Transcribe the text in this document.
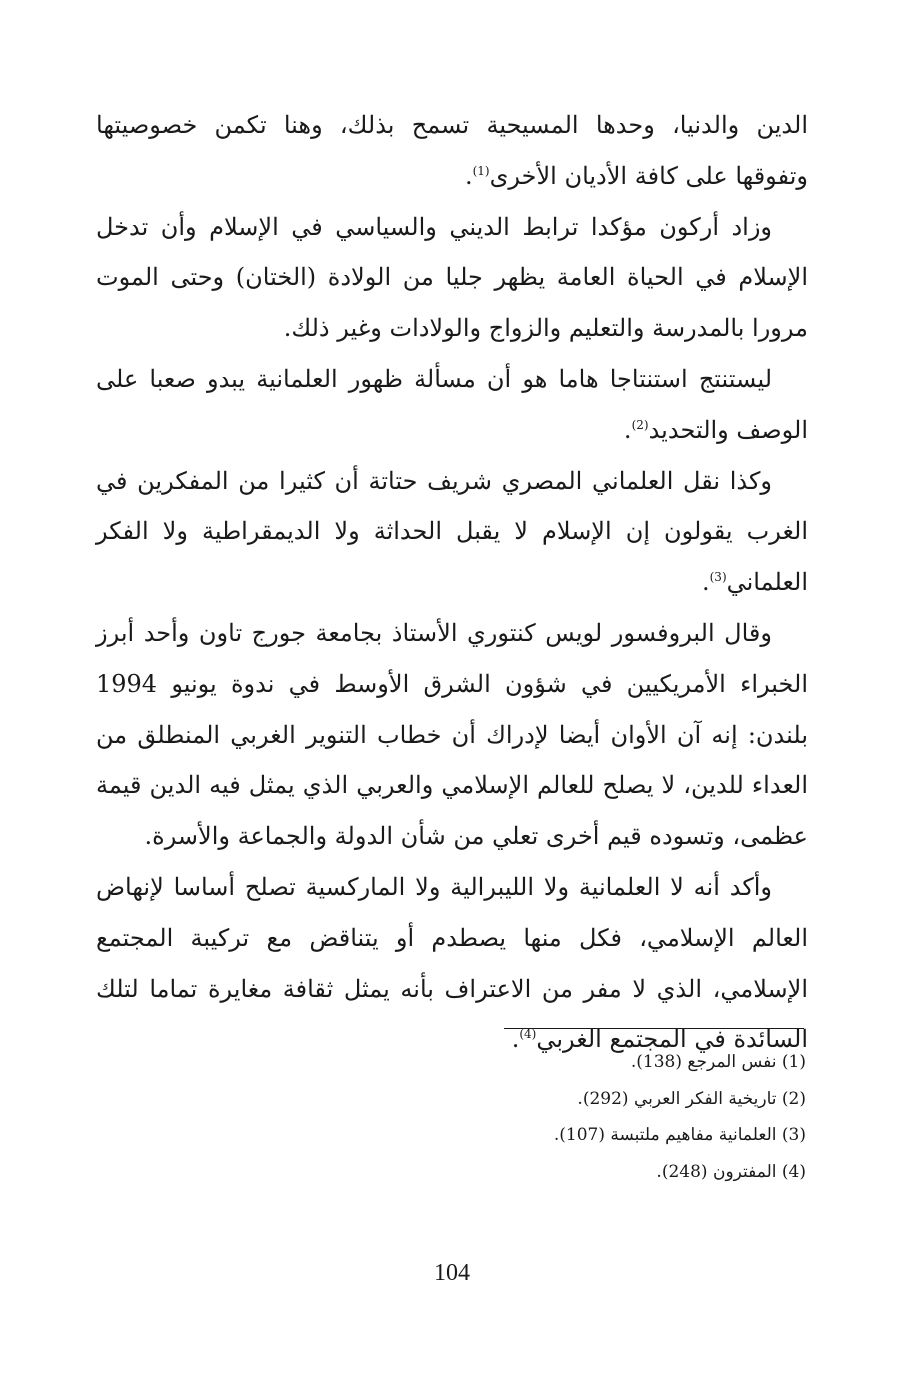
الدين والدنيا، وحدها المسيحية تسمح بذلك، وهنا تكمن خصوصيتها وتفوقها على كافة الأديان الأخرى$^{(1)}$.

وزاد أركون مؤكدا ترابط الديني والسياسي في الإسلام وأن تدخل الإسلام في الحياة العامة يظهر جليا من الولادة (الختان) وحتى الموت مرورا بالمدرسة والتعليم والزواج والولادات وغير ذلك.

ليستنتج استنتاجا هاما هو أن مسألة ظهور العلمانية يبدو صعبا على الوصف والتحديد$^{(2)}$.

وكذا نقل العلماني المصري شريف حتاتة أن كثيرا من المفكرين في الغرب يقولون إن الإسلام لا يقبل الحداثة ولا الديمقراطية ولا الفكر العلماني$^{(3)}$.

وقال البروفسور لويس كنتوري الأستاذ بجامعة جورج تاون وأحد أبرز الخبراء الأمريكيين في شؤون الشرق الأوسط في ندوة يونيو 1994 بلندن: إنه آن الأوان أيضا لإدراك أن خطاب التنوير الغربي المنطلق من العداء للدين، لا يصلح للعالم الإسلامي والعربي الذي يمثل فيه الدين قيمة عظمى، وتسوده قيم أخرى تعلي من شأن الدولة والجماعة والأسرة.

وأكد أنه لا العلمانية ولا الليبرالية ولا الماركسية تصلح أساسا لإنهاض العالم الإسلامي، فكل منها يصطدم أو يتناقض مع تركيبة المجتمع الإسلامي، الذي لا مفر من الاعتراف بأنه يمثل ثقافة مغايرة تماما لتلك السائدة في المجتمع الغربي$^{(4)}$.

(1) نفس المرجع (138).

(2) تاريخية الفكر العربي (292).

(3) العلمانية مفاهيم ملتبسة (107).

(4) المفترون (248).

104
